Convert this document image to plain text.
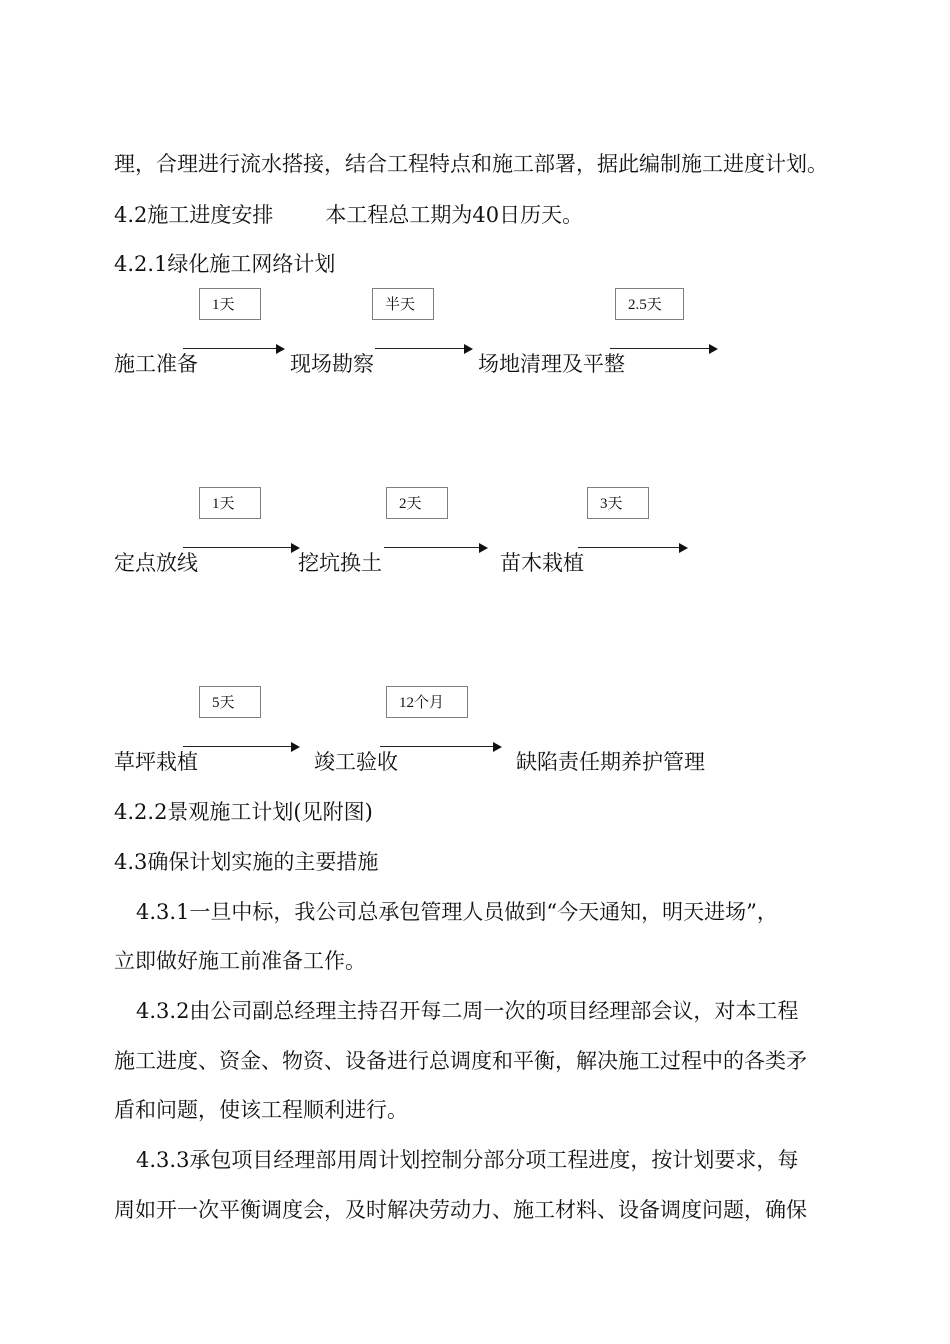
理，合理进行流水搭接，结合工程特点和施工部署，据此编制施工进度计划。
4.2施工进度安排 本工程总工期为40日历天。
4.2.1绿化施工网络计划
1天	半天	2.5天
施工准备	现场勘察	场地清理及平整
1天	2天	3天
定点放线	挖坑换土	苗木栽植
5天	12个月
草坪栽植	竣工验收	缺陷责任期养护管理
4.2.2景观施工计划(见附图)
4.3确保计划实施的主要措施
4.3.1一旦中标，我公司总承包管理人员做到“今天通知，明天进场”，
立即做好施工前准备工作。
4.3.2由公司副总经理主持召开每二周一次的项目经理部会议，对本工程
施工进度、资金、物资、设备进行总调度和平衡，解决施工过程中的各类矛
盾和问题，使该工程顺利进行。
4.3.3承包项目经理部用周计划控制分部分项工程进度，按计划要求，每
周如开一次平衡调度会，及时解决劳动力、施工材料、设备调度问题，确保
